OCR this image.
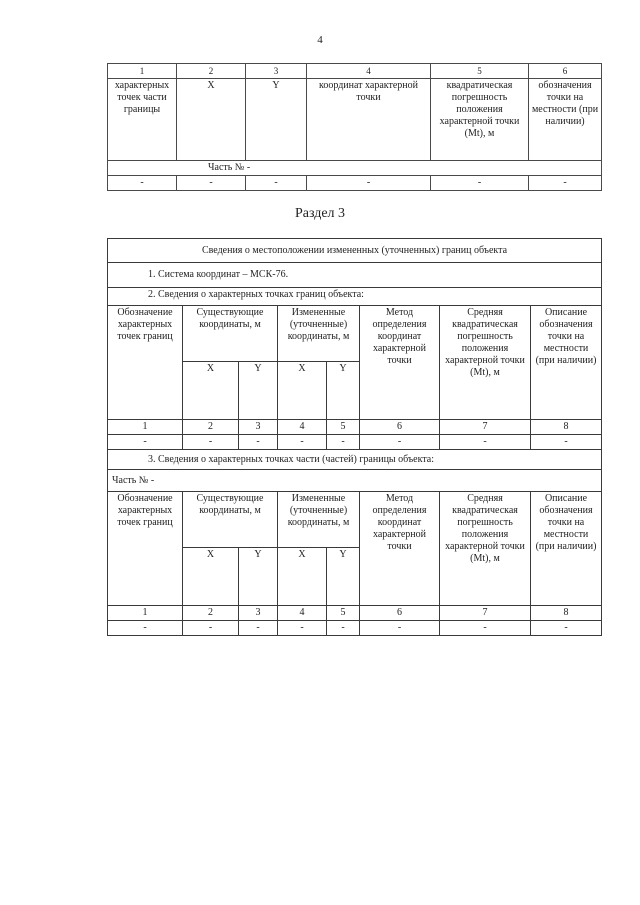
4
1	2	3	4	5	6
характерных точек части границы	X	Y	координат характерной точки	квадратическая погрешность положения характерной точки (Mt), м	обозначения точки на местности (при наличии)
Часть № -					
-	-	-	-	-	-
Раздел 3
Сведения о местоположении измененных (уточненных) границ объекта							
1. Система координат – МСК-76.							
2. Сведения о характерных точках границ объекта:							
Обозначение характерных точек границ	Существующие координаты, м		Измененные (уточненные) координаты, м		Метод определения координат характерной точки	Средняя квадратическая погрешность положения характерной точки (Mt), м	Описание обозначения точки на местности (при наличии)
	X	Y	X	Y			
1	2	3	4	5	6	7	8
-	-	-	-	-	-	-	-
3. Сведения о характерных точках части (частей) границы объекта:							
Часть № -							
Обозначение характерных точек границ	Существующие координаты, м		Измененные (уточненные) координаты, м		Метод определения координат характерной точки	Средняя квадратическая погрешность положения характерной точки (Mt), м	Описание обозначения точки на местности (при наличии)
	X	Y	X	Y			
1	2	3	4	5	6	7	8
-	-	-	-	-	-	-	-
